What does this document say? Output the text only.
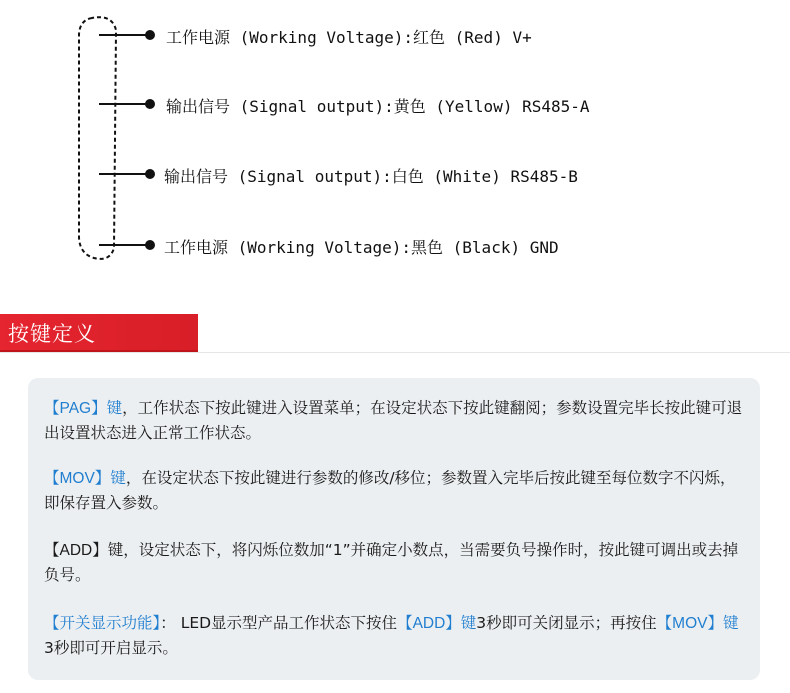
工作电源 (Working Voltage):红色 (Red) V+
输出信号 (Signal output):黄色 (Yellow) RS485-A
输出信号 (Signal output):白色 (White) RS485-B
工作电源 (Working Voltage):黑色 (Black) GND
按键定义

【PAG】键，工作状态下按此键进入设置菜单；在设定状态下按此键翻阅；参数设置完毕长按此键可退出设置状态进入正常工作状态。

【MOV】键，在设定状态下按此键进行参数的修改/移位；参数置入完毕后按此键至每位数字不闪烁，即保存置入参数。

【ADD】键，设定状态下，将闪烁位数加“1”并确定小数点，当需要负号操作时，按此键可调出或去掉负号。

【开关显示功能】： LED显示型产品工作状态下按住【ADD】键3秒即可关闭显示；再按住【MOV】键3秒即可开启显示。
